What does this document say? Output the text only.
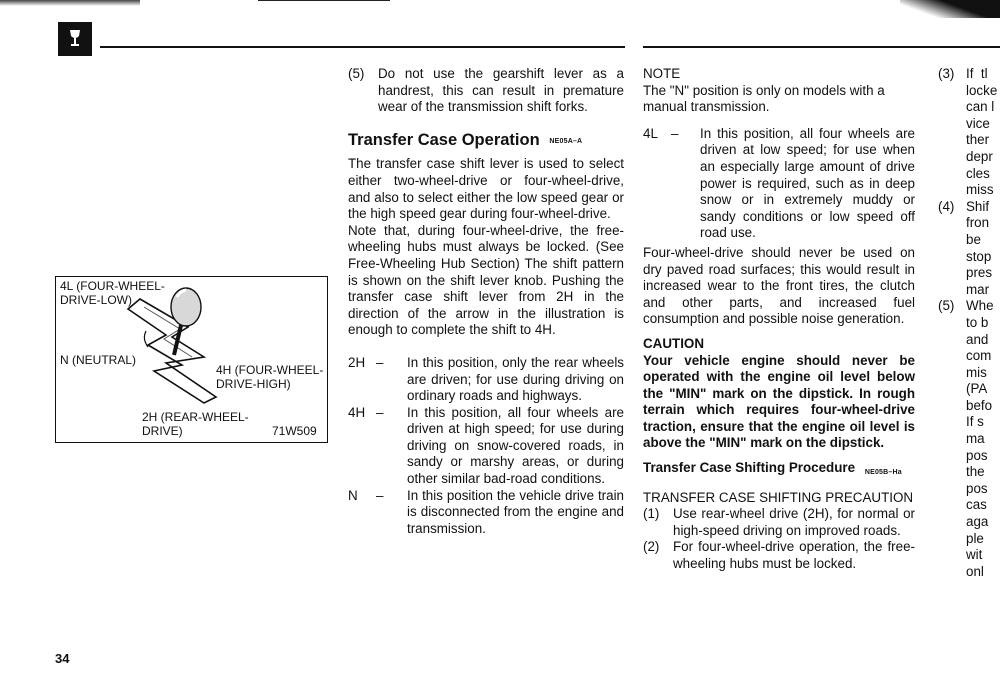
(5)	Do not use the gearshift lever as a handrest, this can result in premature wear of the transmission shift forks.
Transfer Case Operation NE05A–A

The transfer case shift lever is used to select either two-wheel-drive or four-wheel-drive, and also to select either the low speed gear or the high speed gear during four-wheel-drive.

Note that, during four-wheel-drive, the free-wheeling hubs must always be locked. (See Free-Wheeling Hub Section) The shift pattern is shown on the shift lever knob. Pushing the transfer case shift lever from 2H in the direction of the arrow in the illustration is enough to complete the shift to 4H.

2H –	In this position, only the rear wheels are driven; for use during driving on ordinary roads and highways.
4H –	In this position, all four wheels are driven at high speed; for use during driving on snow-covered roads, in sandy or marshy areas, or during other similar bad-road conditions.
N	–	In this position the vehicle drive train is disconnected from the engine and transmission.
4L (FOUR-WHEEL-
DRIVE-LOW)
N (NEUTRAL)
4H (FOUR-WHEEL-
DRIVE-HIGH)
2H (REAR-WHEEL-
DRIVE)	71W509
NOTE

The "N" position is only on models with a manual transmission.

4L –	In this position, all four wheels are driven at low speed; for use when an especially large amount of drive power is required, such as in deep snow or in extremely muddy or sandy conditions or low speed off road use.

Four-wheel-drive should never be used on dry paved road surfaces; this would result in increased wear to the front tires, the clutch and other parts, and increased fuel consumption and possible noise generation.

CAUTION

Your vehicle engine should never be operated with the engine oil level below the "MIN" mark on the dipstick. In rough terrain which requires four-wheel-drive traction, ensure that the engine oil level is above the "MIN" mark on the dipstick.

Transfer Case Shifting Procedure NE05B–Ha
TRANSFER CASE SHIFTING PRECAUTION
(1)	Use rear-wheel drive (2H), for normal or high-speed driving on improved roads.
(2)	For four-wheel-drive operation, the free-wheeling hubs must be locked.
(3) If  tl
locke
can l
vice
ther
depr
cles
miss
(4) Shif
fron
be
stop
pres
mar
(5) Whe
to b
and
com
mis
(PA
befo
If s
ma
pos
the
pos
cas
aga
ple
wit
onl
34
